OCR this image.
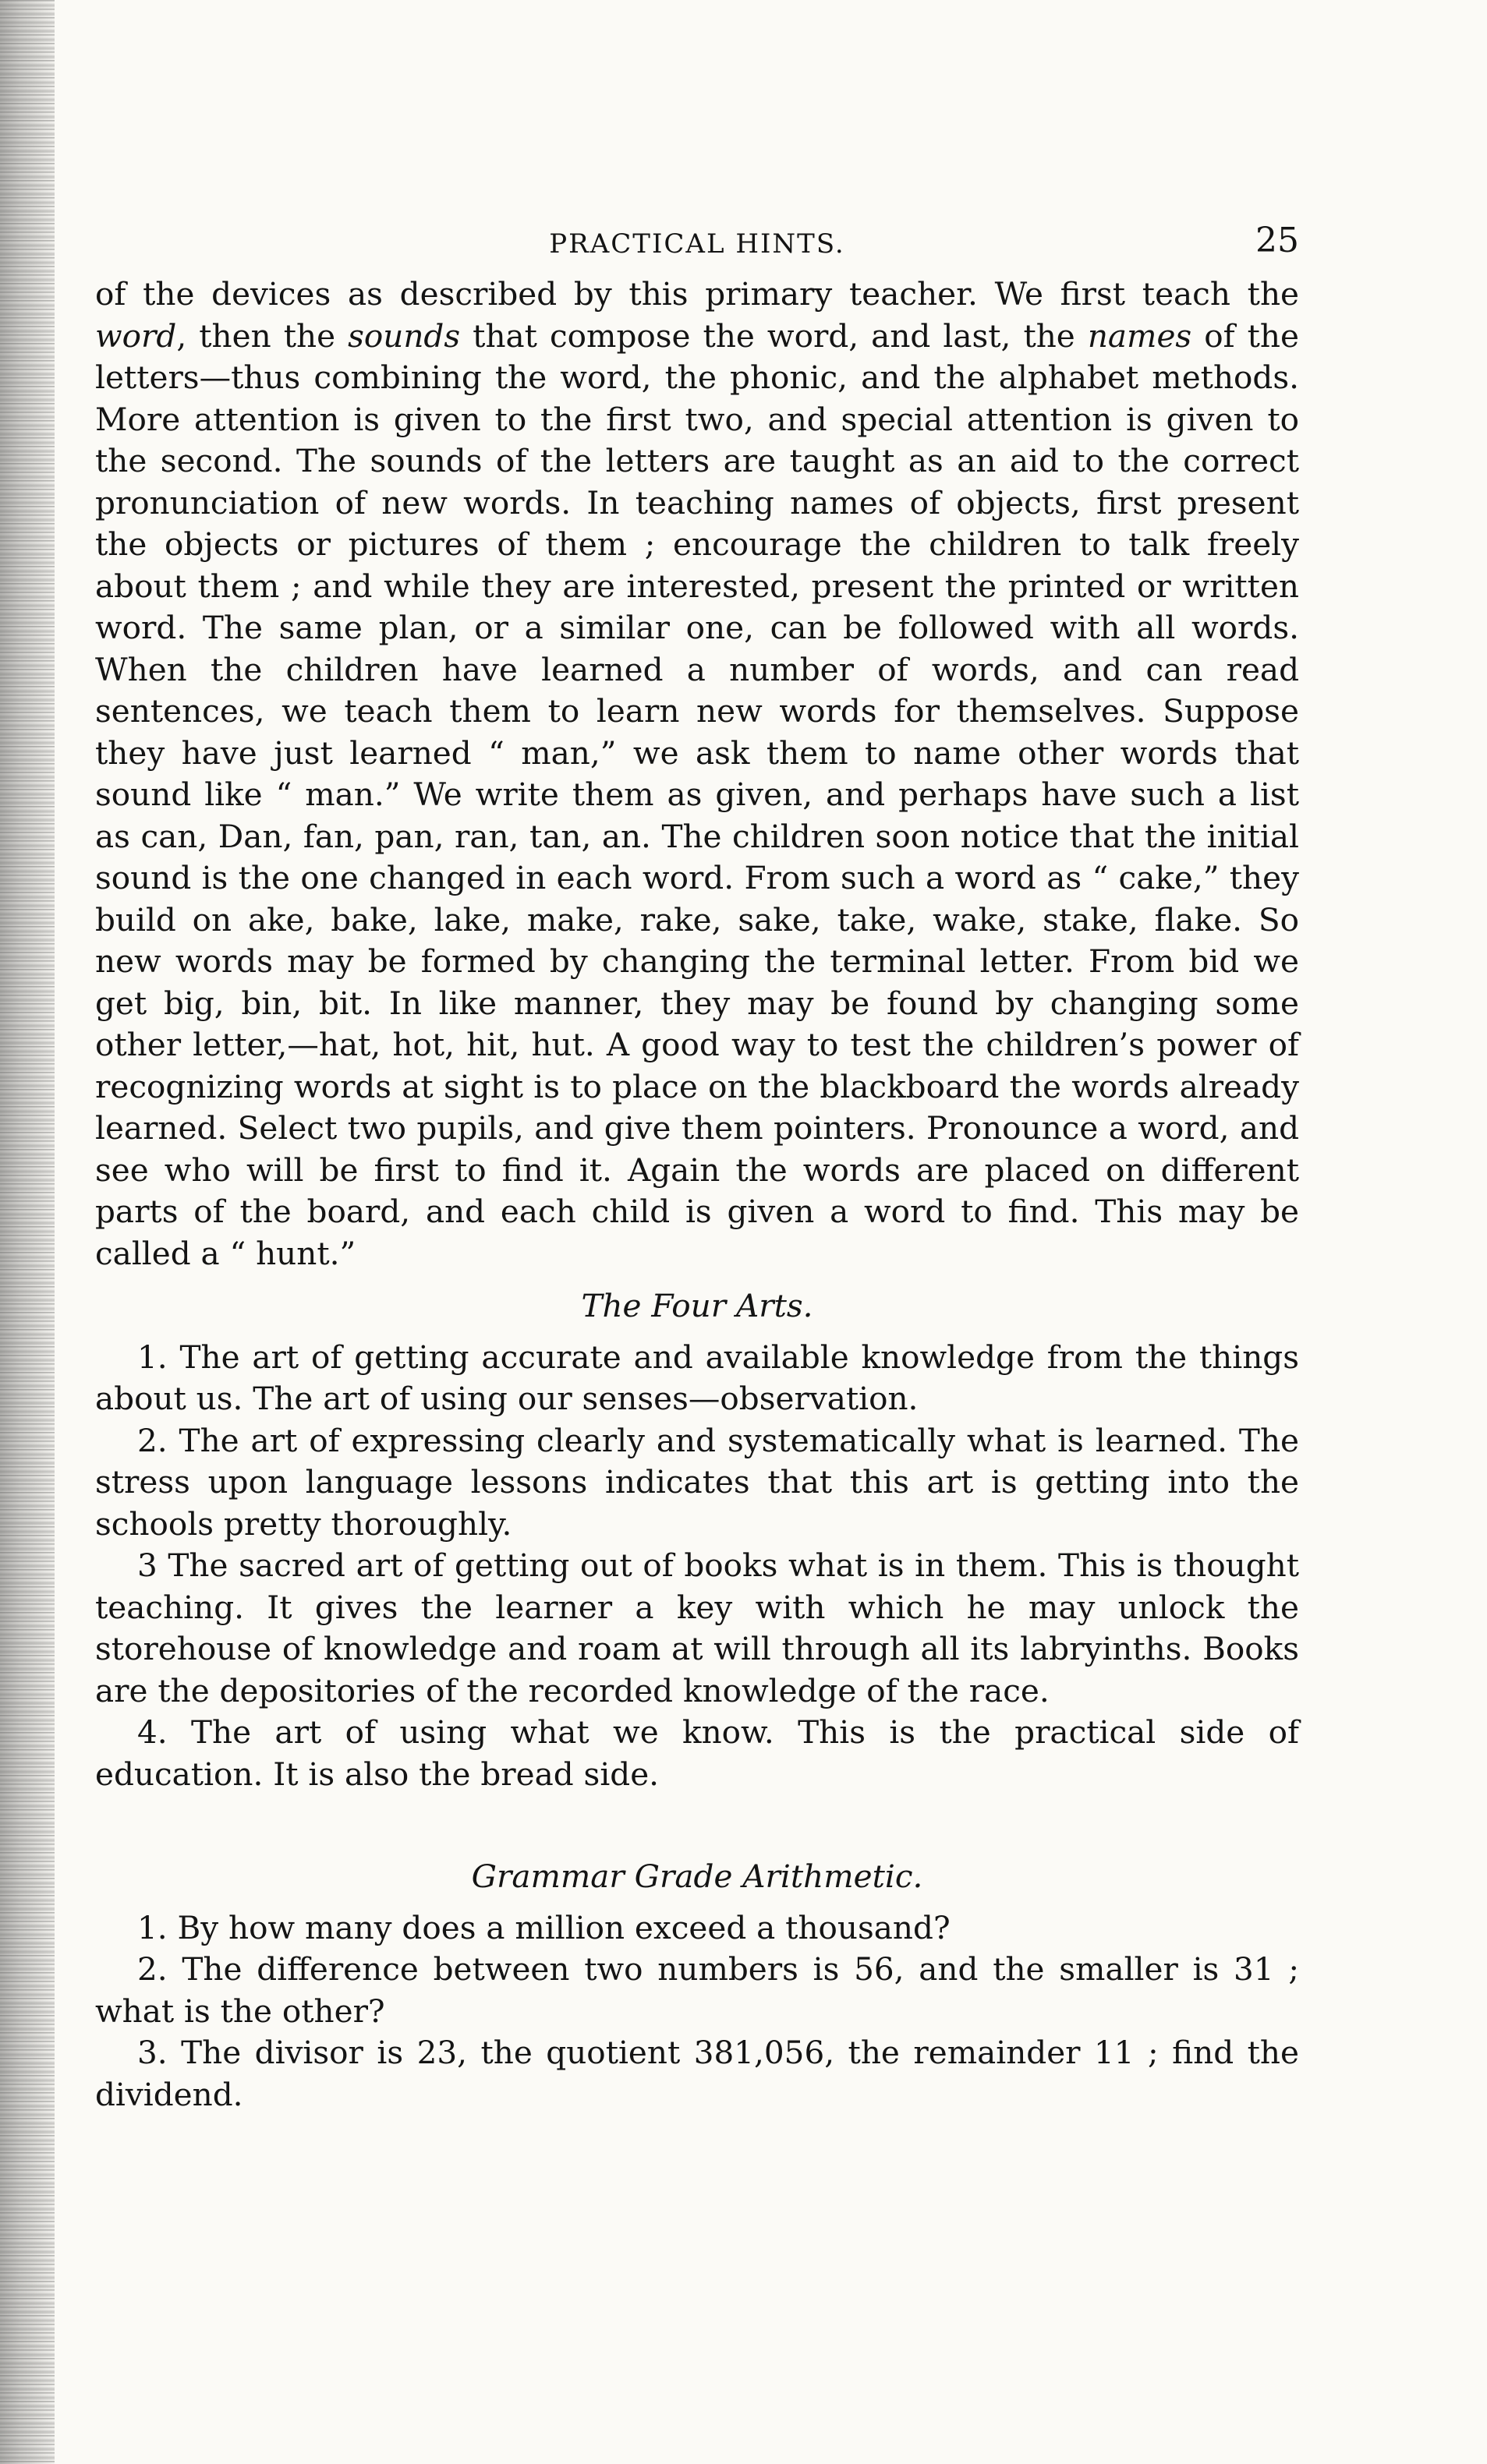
PRACTICAL HINTS.	25

of the devices as described by this primary teacher. We first teach the word, then the sounds that compose the word, and last, the names of the letters—thus combining the word, the phonic, and the alphabet methods. More attention is given to the first two, and special attention is given to the second. The sounds of the letters are taught as an aid to the correct pronunciation of new words. In teaching names of objects, first present the objects or pictures of them ; encourage the children to talk freely about them ; and while they are interested, present the printed or written word. The same plan, or a similar one, can be followed with all words. When the children have learned a number of words, and can read sentences, we teach them to learn new words for themselves. Suppose they have just learned “ man,” we ask them to name other words that sound like “ man.” We write them as given, and perhaps have such a list as can, Dan, fan, pan, ran, tan, an. The children soon notice that the initial sound is the one changed in each word. From such a word as “ cake,” they build on ake, bake, lake, make, rake, sake, take, wake, stake, flake. So new words may be formed by changing the terminal letter. From bid we get big, bin, bit. In like manner, they may be found by changing some other letter,—hat, hot, hit, hut. A good way to test the children’s power of recognizing words at sight is to place on the blackboard the words already learned. Select two pupils, and give them pointers. Pronounce a word, and see who will be first to find it. Again the words are placed on different parts of the board, and each child is given a word to find. This may be called a “ hunt.”

The Four Arts.

1. The art of getting accurate and available knowledge from the things about us. The art of using our senses—observation.

2. The art of expressing clearly and systematically what is learned. The stress upon language lessons indicates that this art is getting into the schools pretty thoroughly.

3 The sacred art of getting out of books what is in them. This is thought teaching. It gives the learner a key with which he may unlock the storehouse of knowledge and roam at will through all its labryinths. Books are the depositories of the recorded knowledge of the race.

4. The art of using what we know. This is the practical side of education. It is also the bread side.

Grammar Grade Arithmetic.

1. By how many does a million exceed a thousand?

2. The difference between two numbers is 56, and the smaller is 31 ; what is the other?

3. The divisor is 23, the quotient 381,056, the remainder 11 ; find the dividend.
